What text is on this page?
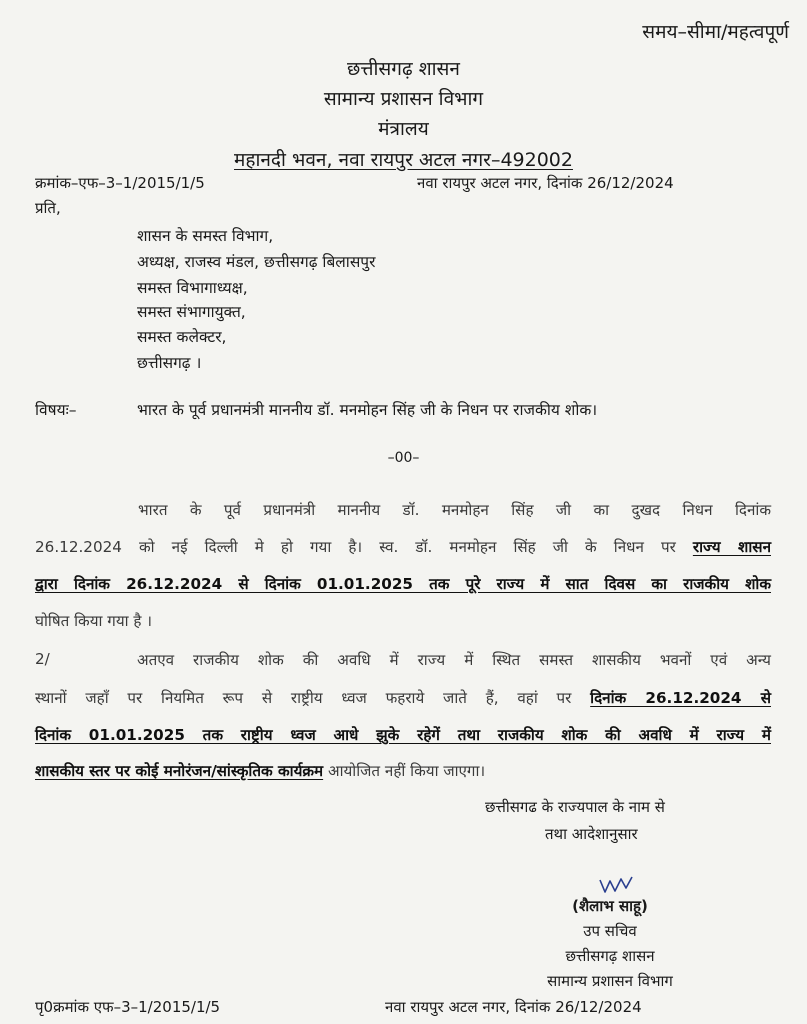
समय–सीमा/महत्वपूर्ण
छत्तीसगढ़ शासन
सामान्य प्रशासन विभाग
मंत्रालय
महानदी भवन, नवा रायपुर अटल नगर–492002
क्रमांक–एफ–3–1/2015/1/5	नवा रायपुर अटल नगर, दिनांक 26/12/2024
प्रति,
शासन के समस्त विभाग,
अध्यक्ष, राजस्व मंडल, छत्तीसगढ़ बिलासपुर
समस्त विभागाध्यक्ष,
समस्त संभागायुक्त,
समस्त कलेक्टर,
छत्तीसगढ़ ।
विषयः–	भारत के पूर्व प्रधानमंत्री माननीय डॉ. मनमोहन सिंह जी के निधन पर राजकीय शोक।
–00–
भारत के पूर्व प्रधानमंत्री माननीय डॉ. मनमोहन सिंह जी का दुखद निधन दिनांक
26.12.2024 को नई दिल्ली मे हो गया है। स्व. डॉ. मनमोहन सिंह जी के निधन पर राज्य शासन
द्वारा दिनांक 26.12.2024 से दिनांक 01.01.2025 तक पूरे राज्य में सात दिवस का राजकीय शोक
घोषित किया गया है ।
2/	अतएव राजकीय शोक की अवधि में राज्य में स्थित समस्त शासकीय भवनों एवं अन्य
स्थानों जहॉं पर नियमित रूप से राष्ट्रीय ध्वज फहराये जाते हैं, वहां पर दिनांक 26.12.2024 से
दिनांक 01.01.2025 तक राष्ट्रीय ध्वज आधे झुके रहेगें तथा राजकीय शोक की अवधि में राज्य में
शासकीय स्तर पर कोई मनोरंजन/सांस्कृतिक कार्यक्रम आयोजित नहीं किया जाएगा।
छत्तीसगढ के राज्यपाल के नाम से
तथा आदेशानुसार
(शैलाभ साहू)
उप सचिव
छत्तीसगढ़ शासन
सामान्य प्रशासन विभाग
पृ0क्रमांक एफ–3–1/2015/1/5	नवा रायपुर अटल नगर, दिनांक 26/12/2024
